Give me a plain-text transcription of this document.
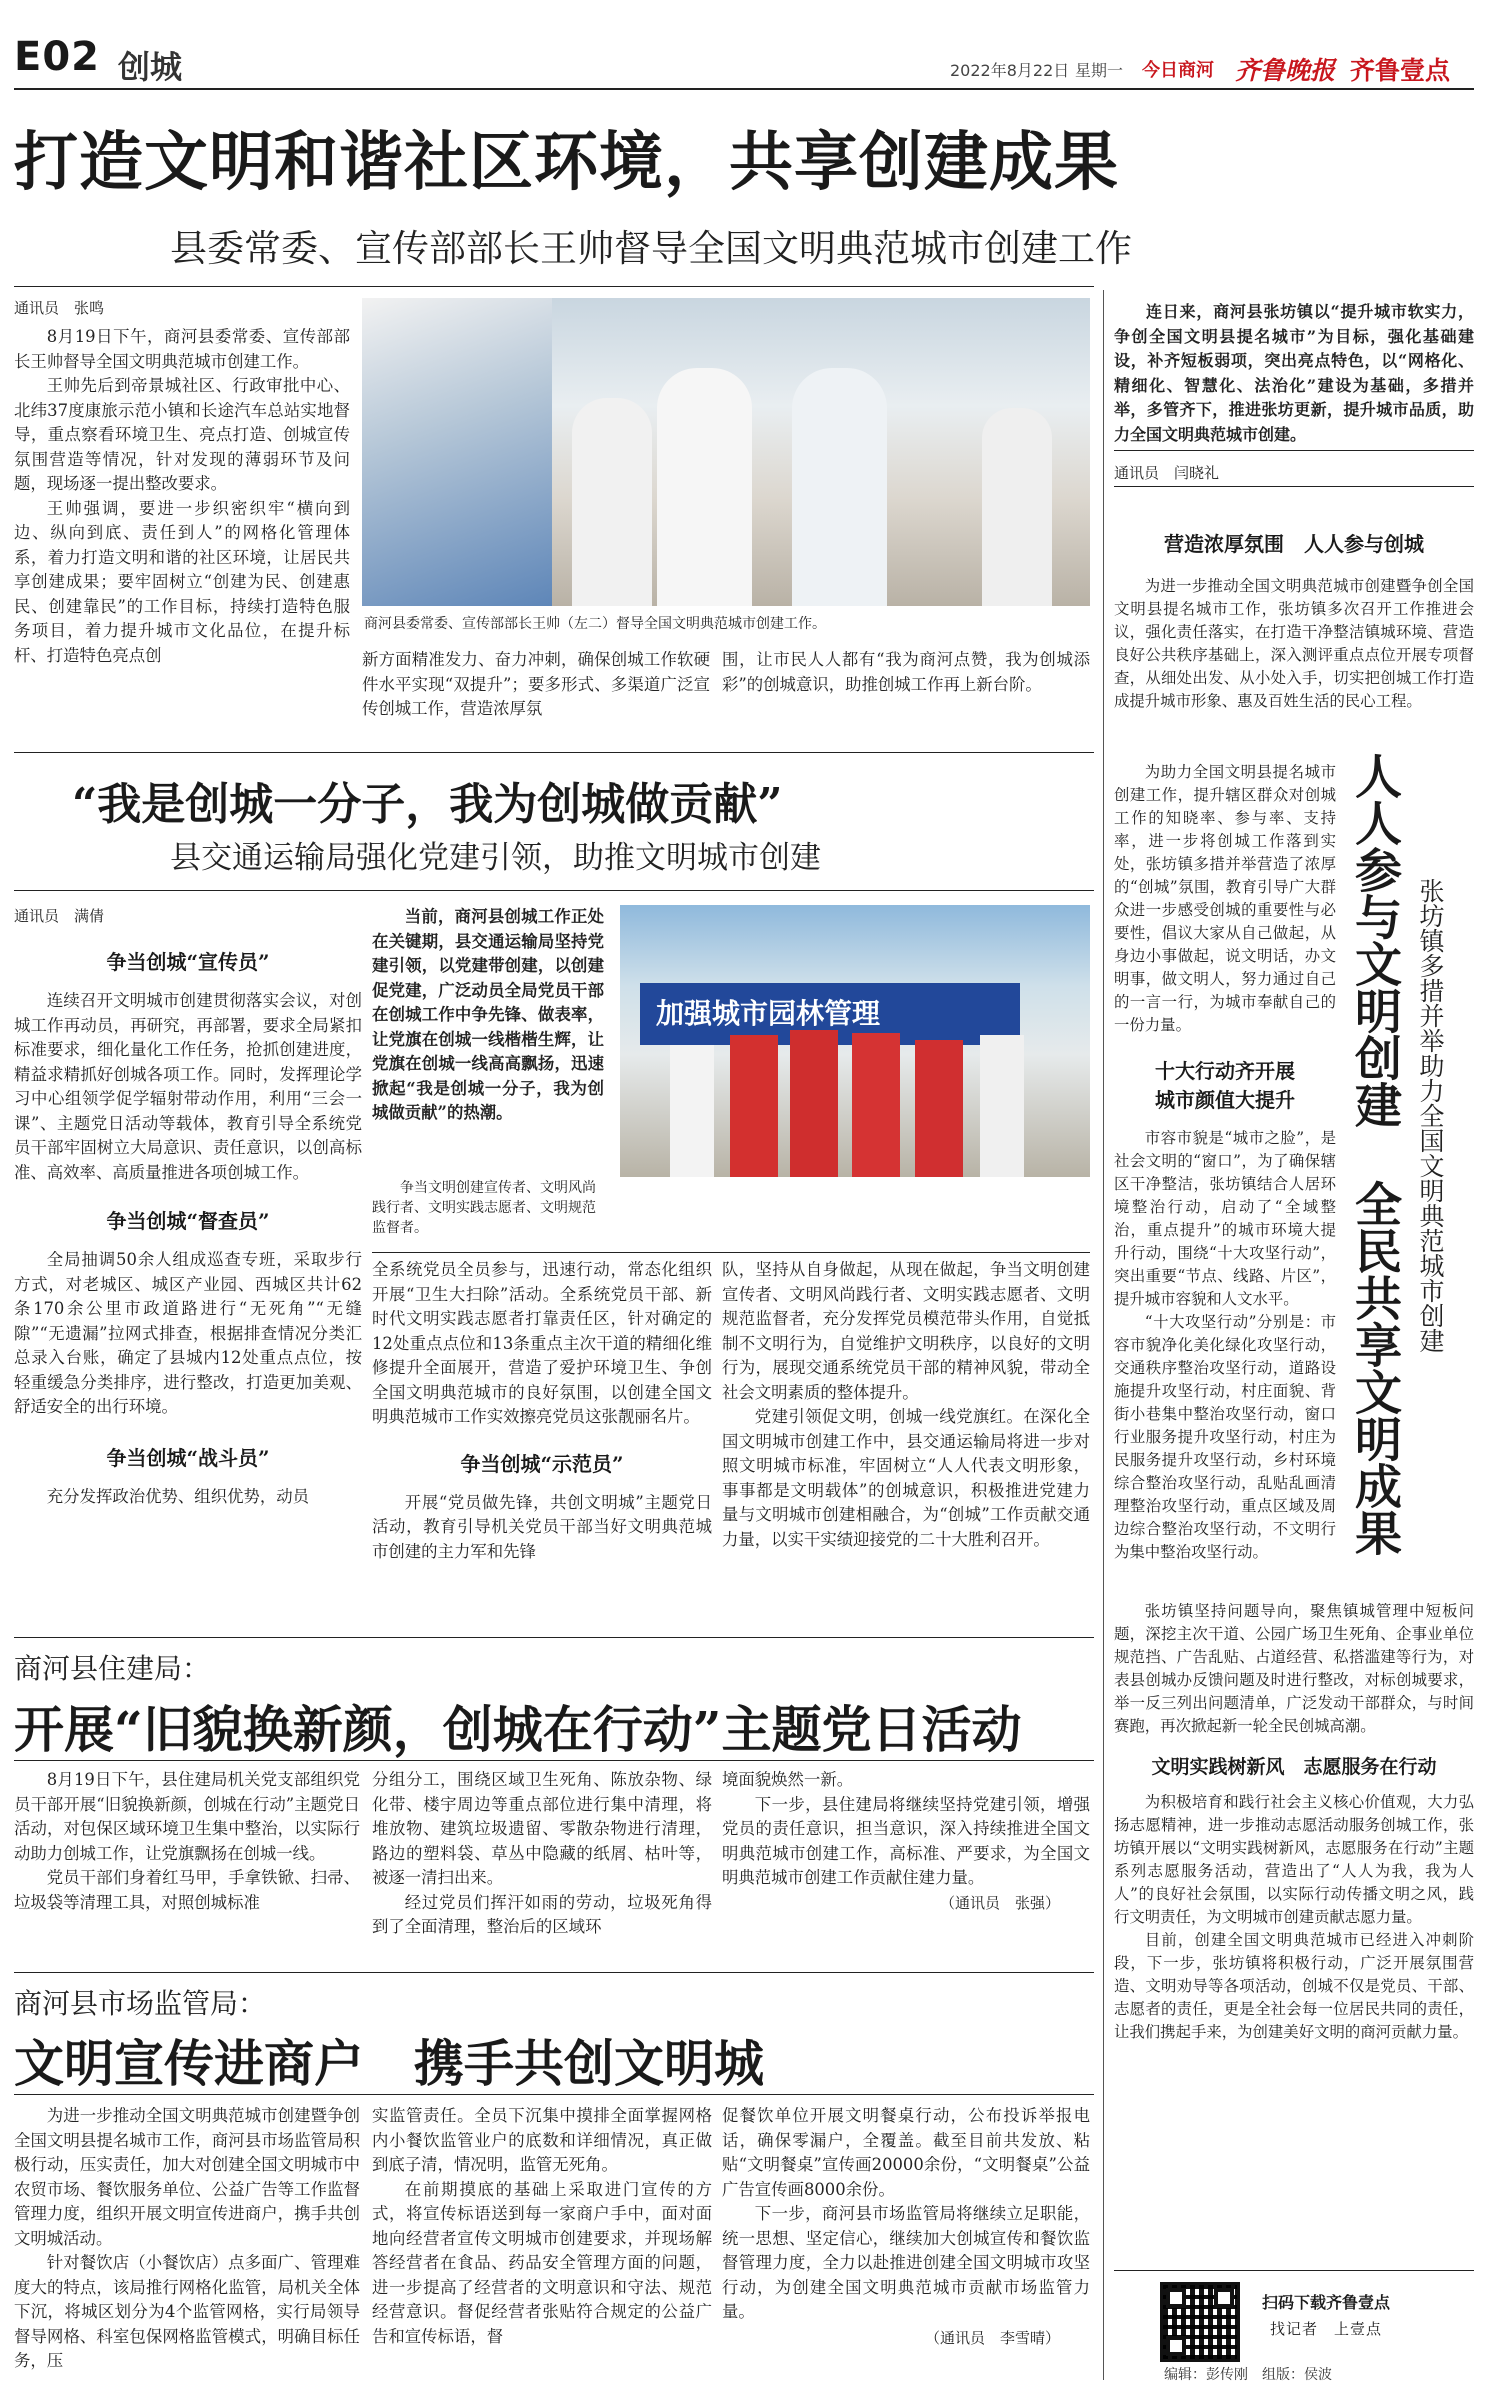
E02 创城	2022年8月22日 星期一 今日商河 齐鲁晚报 齐鲁壹点
打造文明和谐社区环境，共享创建成果
县委常委、宣传部部长王帅督导全国文明典范城市创建工作
通讯员　张鸣

8月19日下午，商河县委常委、宣传部部长王帅督导全国文明典范城市创建工作。

王帅先后到帝景城社区、行政审批中心、北纬37度康旅示范小镇和长途汽车总站实地督导，重点察看环境卫生、亮点打造、创城宣传氛围营造等情况，针对发现的薄弱环节及问题，现场逐一提出整改要求。

王帅强调，要进一步织密织牢“横向到边、纵向到底、责任到人”的网格化管理体系，着力打造文明和谐的社区环境，让居民共享创建成果；要牢固树立“创建为民、创建惠民、创建靠民”的工作目标，持续打造特色服务项目，着力提升城市文化品位，在提升标杆、打造特色亮点创

商河县委常委、宣传部部长王帅（左二）督导全国文明典范城市创建工作。

新方面精准发力、奋力冲刺，确保创城工作软硬件水平实现“双提升”；要多形式、多渠道广泛宣传创城工作，营造浓厚氛

围，让市民人人都有“我为商河点赞，我为创城添彩”的创城意识，助推创城工作再上新台阶。

“我是创城一分子，我为创城做贡献”
县交通运输局强化党建引领，助推文明城市创建
通讯员　满倩
争当创城“宣传员”

连续召开文明城市创建贯彻落实会议，对创城工作再动员，再研究，再部署，要求全局紧扣标准要求，细化量化工作任务，抢抓创建进度，精益求精抓好创城各项工作。同时，发挥理论学习中心组领学促学辐射带动作用，利用“三会一课”、主题党日活动等载体，教育引导全系统党员干部牢固树立大局意识、责任意识，以创高标准、高效率、高质量推进各项创城工作。

争当创城“督查员”

全局抽调50余人组成巡查专班，采取步行方式，对老城区、城区产业园、西城区共计62条170余公里市政道路进行“无死角”“无缝隙”“无遗漏”拉网式排查，根据排查情况分类汇总录入台账，确定了县城内12处重点点位，按轻重缓急分类排序，进行整改，打造更加美观、舒适安全的出行环境。

争当创城“战斗员”

充分发挥政治优势、组织优势，动员

当前，商河县创城工作正处在关键期，县交通运输局坚持党建引领，以党建带创建，以创建促党建，广泛动员全局党员干部在创城工作中争先锋、做表率，让党旗在创城一线楷楷生辉，让党旗在创城一线高高飘扬，迅速掀起“我是创城一分子，我为创城做贡献”的热潮。

加强城市园林管理
争当文明创建宣传者、文明风尚践行者、文明实践志愿者、文明规范监督者。

全系统党员全员参与，迅速行动，常态化组织开展“卫生大扫除”活动。全系统党员干部、新时代文明实践志愿者打靠责任区，针对确定的12处重点点位和13条重点主次干道的精细化维修提升全面展开，营造了爱护环境卫生、争创全国文明典范城市的良好氛围，以创建全国文明典范城市工作实效擦亮党员这张靓丽名片。

争当创城“示范员”

开展“党员做先锋，共创文明城”主题党日活动，教育引导机关党员干部当好文明典范城市创建的主力军和先锋

队，坚持从自身做起，从现在做起，争当文明创建宣传者、文明风尚践行者、文明实践志愿者、文明规范监督者，充分发挥党员模范带头作用，自觉抵制不文明行为，自觉维护文明秩序，以良好的文明行为，展现交通系统党员干部的精神风貌，带动全社会文明素质的整体提升。

党建引领促文明，创城一线党旗红。在深化全国文明城市创建工作中，县交通运输局将进一步对照文明城市标准，牢固树立“人人代表文明形象，事事都是文明载体”的创城意识，积极推进党建力量与文明城市创建相融合，为“创城”工作贡献交通力量，以实干实绩迎接党的二十大胜利召开。

商河县住建局：
开展“旧貌换新颜，创城在行动”主题党日活动

8月19日下午，县住建局机关党支部组织党员干部开展“旧貌换新颜，创城在行动”主题党日活动，对包保区域环境卫生集中整治，以实际行动助力创城工作，让党旗飘扬在创城一线。

党员干部们身着红马甲，手拿铁锨、扫帚、垃圾袋等清理工具，对照创城标准

分组分工，围绕区域卫生死角、陈放杂物、绿化带、楼宇周边等重点部位进行集中清理，将堆放物、建筑垃圾遗留、零散杂物进行清理，路边的塑料袋、草丛中隐藏的纸屑、枯叶等，被逐一清扫出来。

经过党员们挥汗如雨的劳动，垃圾死角得到了全面清理，整治后的区域环

境面貌焕然一新。

下一步，县住建局将继续坚持党建引领，增强党员的责任意识，担当意识，深入持续推进全国文明典范城市创建工作，高标准、严要求，为全国文明典范城市创建工作贡献住建力量。

（通讯员　张强）
商河县市场监管局：
文明宣传进商户　携手共创文明城

为进一步推动全国文明典范城市创建暨争创全国文明县提名城市工作，商河县市场监管局积极行动，压实责任，加大对创建全国文明城市中农贸市场、餐饮服务单位、公益广告等工作监督管理力度，组织开展文明宣传进商户，携手共创文明城活动。

针对餐饮店（小餐饮店）点多面广、管理难度大的特点，该局推行网格化监管，局机关全体下沉，将城区划分为4个监管网格，实行局领导督导网格、科室包保网格监管模式，明确目标任务，压

实监管责任。全员下沉集中摸排全面掌握网格内小餐饮监管业户的底数和详细情况，真正做到底子清，情况明，监管无死角。

在前期摸底的基础上采取进门宣传的方式，将宣传标语送到每一家商户手中，面对面地向经营者宣传文明城市创建要求，并现场解答经营者在食品、药品安全管理方面的问题，进一步提高了经营者的文明意识和守法、规范经营意识。督促经营者张贴符合规定的公益广告和宣传标语，督

促餐饮单位开展文明餐桌行动，公布投诉举报电话，确保零漏户，全覆盖。截至目前共发放、粘贴“文明餐桌”宣传画20000余份，“文明餐桌”公益广告宣传画8000余份。

下一步，商河县市场监管局将继续立足职能，统一思想、坚定信心，继续加大创城宣传和餐饮监督管理力度，全力以赴推进创建全国文明城市攻坚行动，为创建全国文明典范城市贡献市场监管力量。

（通讯员　李雪晴）

连日来，商河县张坊镇以“提升城市软实力，争创全国文明县提名城市”为目标，强化基础建设，补齐短板弱项，突出亮点特色，以“网格化、精细化、智慧化、法治化”建设为基础，多措并举，多管齐下，推进张坊更新，提升城市品质，助力全国文明典范城市创建。

通讯员　闫晓礼
营造浓厚氛围　人人参与创城

为进一步推动全国文明典范城市创建暨争创全国文明县提名城市工作，张坊镇多次召开工作推进会议，强化责任落实，在打造干净整洁镇城环境、营造良好公共秩序基础上，深入测评重点点位开展专项督查，从细处出发、从小处入手，切实把创城工作打造成提升城市形象、惠及百姓生活的民心工程。

为助力全国文明县提名城市创建工作，提升辖区群众对创城工作的知晓率、参与率、支持率，进一步将创城工作落到实处，张坊镇多措并举营造了浓厚的“创城”氛围，教育引导广大群众进一步感受创城的重要性与必要性，倡议大家从自己做起，从身边小事做起，说文明话，办文明事，做文明人，努力通过自己的一言一行，为城市奉献自己的一份力量。

十大行动齐开展
城市颜值大提升

市容市貌是“城市之脸”，是社会文明的“窗口”，为了确保辖区干净整洁，张坊镇结合人居环境整治行动，启动了“全域整治，重点提升”的城市环境大提升行动，围绕“十大攻坚行动”，突出重要“节点、线路、片区”，提升城市容貌和人文水平。

“十大攻坚行动”分别是：市容市貌净化美化绿化攻坚行动，交通秩序整治攻坚行动，道路设施提升攻坚行动，村庄面貌、背街小巷集中整治攻坚行动，窗口行业服务提升攻坚行动，村庄为民服务提升攻坚行动，乡村环境综合整治攻坚行动，乱贴乱画清理整治攻坚行动，重点区域及周边综合整治攻坚行动，不文明行为集中整治攻坚行动。

人人参与文明创建
全民共享文明成果
张坊镇多措并举助力全国文明典范城市创建

张坊镇坚持问题导向，聚焦镇城管理中短板问题，深挖主次干道、公园广场卫生死角、企事业单位规范挡、广告乱贴、占道经营、私搭滥建等行为，对表县创城办反馈问题及时进行整改，对标创城要求，举一反三列出问题清单，广泛发动干部群众，与时间赛跑，再次掀起新一轮全民创城高潮。

文明实践树新风　志愿服务在行动

为积极培育和践行社会主义核心价值观，大力弘扬志愿精神，进一步推动志愿活动服务创城工作，张坊镇开展以“文明实践树新风，志愿服务在行动”主题系列志愿服务活动，营造出了“人人为我，我为人人”的良好社会氛围，以实际行动传播文明之风，践行文明责任，为文明城市创建贡献志愿力量。

目前，创建全国文明典范城市已经进入冲刺阶段，下一步，张坊镇将积极行动，广泛开展氛围营造、文明劝导等各项活动，创城不仅是党员、干部、志愿者的责任，更是全社会每一位居民共同的责任，让我们携起手来，为创建美好文明的商河贡献力量。

扫码下载齐鲁壹点
找记者　上壹点
编辑：彭传刚　组版：侯波
